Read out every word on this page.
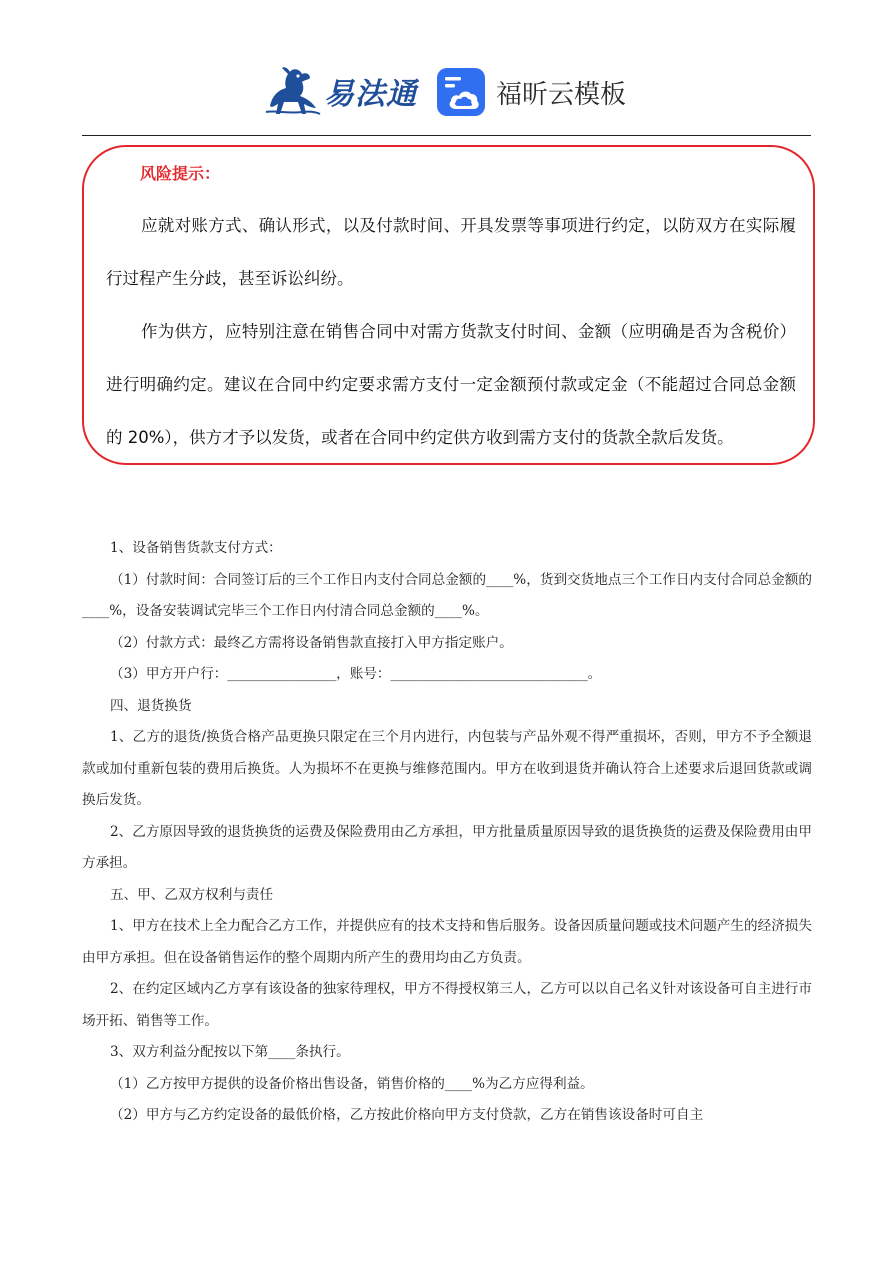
易法通	福昕云模板
风险提示：

应就对账方式、确认形式，以及付款时间、开具发票等事项进行约定，以防双方在实际履行过程产生分歧，甚至诉讼纠纷。

作为供方，应特别注意在销售合同中对需方货款支付时间、金额（应明确是否为含税价）进行明确约定。建议在合同中约定要求需方支付一定金额预付款或定金（不能超过合同总金额的 20%），供方才予以发货，或者在合同中约定供方收到需方支付的货款全款后发货。

1、设备销售货款支付方式：

（1）付款时间：合同签订后的三个工作日内支付合同总金额的____%，货到交货地点三个工作日内支付合同总金额的____%，设备安装调试完毕三个工作日内付清合同总金额的____%。

（2）付款方式：最终乙方需将设备销售款直接打入甲方指定账户。

（3）甲方开户行：________________，账号：_____________________________。

四、退货换货

1、乙方的退货/换货合格产品更换只限定在三个月内进行，内包装与产品外观不得严重损坏，否则，甲方不予全额退款或加付重新包装的费用后换货。人为损坏不在更换与维修范围内。甲方在收到退货并确认符合上述要求后退回货款或调换后发货。

2、乙方原因导致的退货换货的运费及保险费用由乙方承担，甲方批量质量原因导致的退货换货的运费及保险费用由甲方承担。

五、甲、乙双方权利与责任

1、甲方在技术上全力配合乙方工作，并提供应有的技术支持和售后服务。设备因质量问题或技术问题产生的经济损失由甲方承担。但在设备销售运作的整个周期内所产生的费用均由乙方负责。

2、在约定区域内乙方享有该设备的独家待理权，甲方不得授权第三人，乙方可以以自己名义针对该设备可自主进行市场开拓、销售等工作。

3、双方利益分配按以下第____条执行。

（1）乙方按甲方提供的设备价格出售设备，销售价格的____%为乙方应得利益。

（2）甲方与乙方约定设备的最低价格，乙方按此价格向甲方支付贷款，乙方在销售该设备时可自主
